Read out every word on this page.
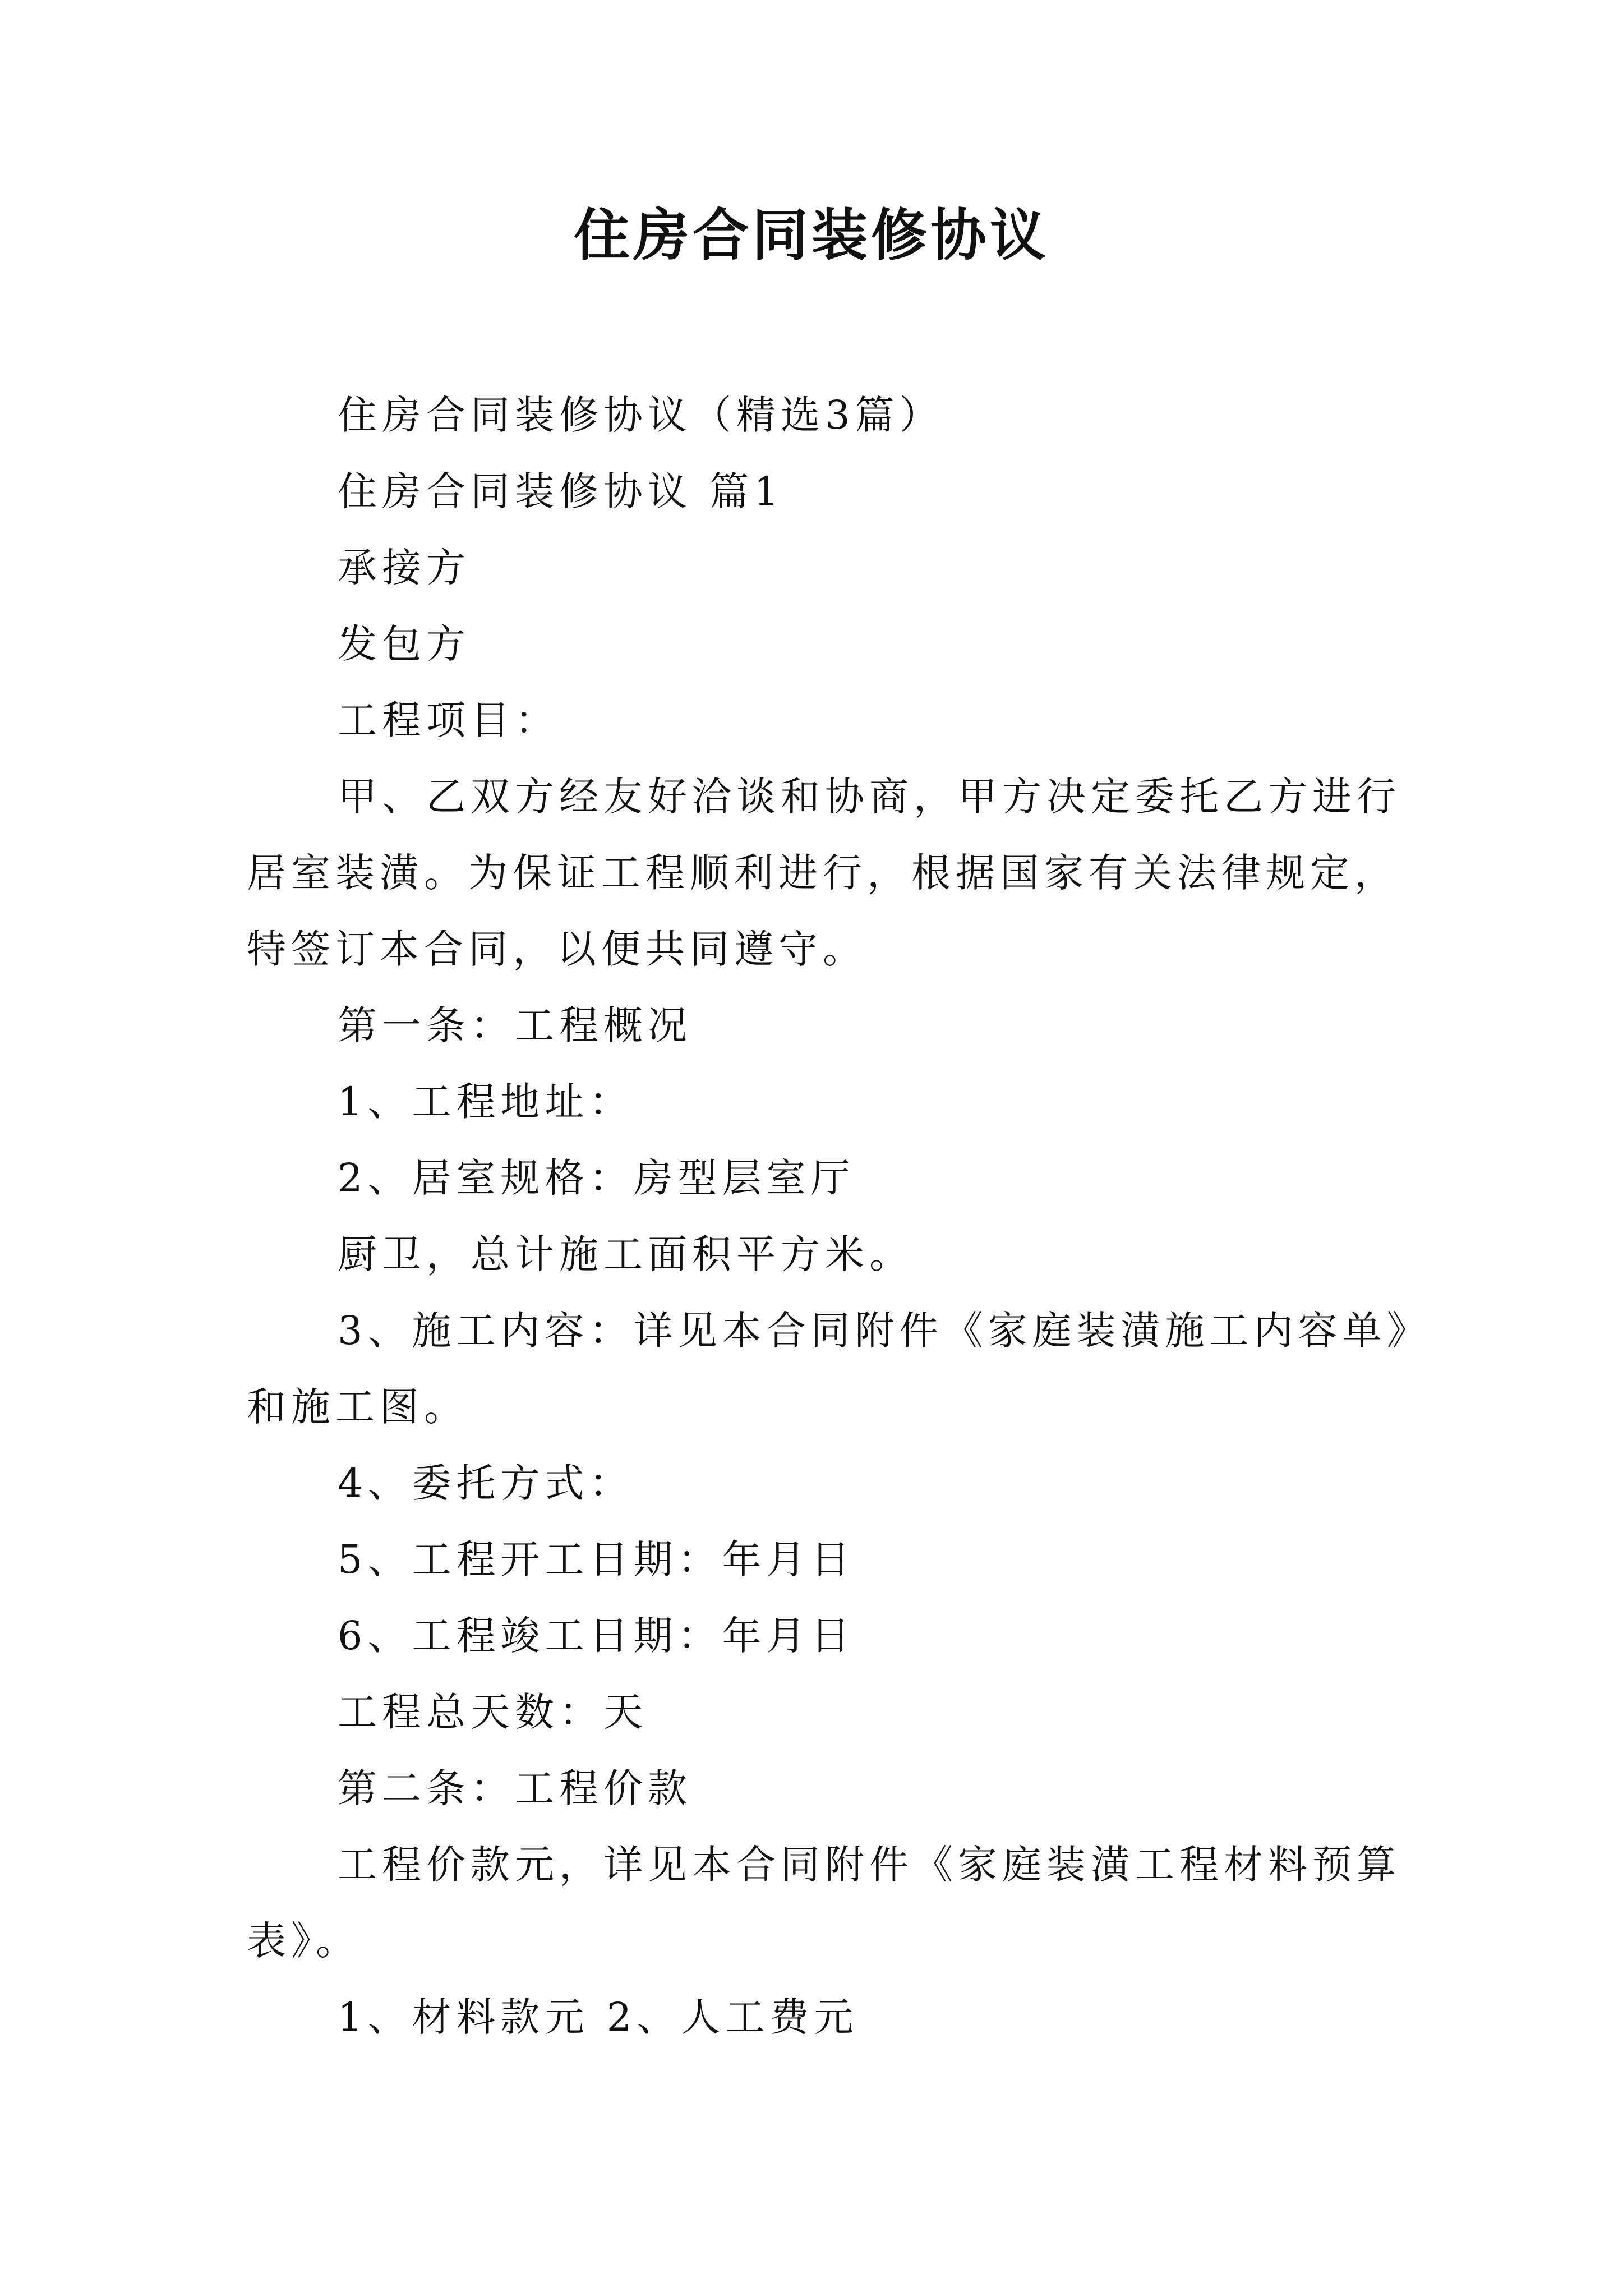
住房合同装修协议

住房合同装修协议（精选3篇）

住房合同装修协议 篇1

承接方

发包方

工程项目：

甲、乙双方经友好洽谈和协商，甲方决定委托乙方进行居室装潢。为保证工程顺利进行，根据国家有关法律规定，特签订本合同，以便共同遵守。

第一条：工程概况

1、工程地址：

2、居室规格：房型层室厅

厨卫，总计施工面积平方米。

3、施工内容：详见本合同附件《家庭装潢施工内容单》和施工图。

4、委托方式：

5、工程开工日期：年月日

6、工程竣工日期：年月日

工程总天数：天

第二条：工程价款

工程价款元，详见本合同附件《家庭装潢工程材料预算表》。

1、材料款元 2、人工费元
